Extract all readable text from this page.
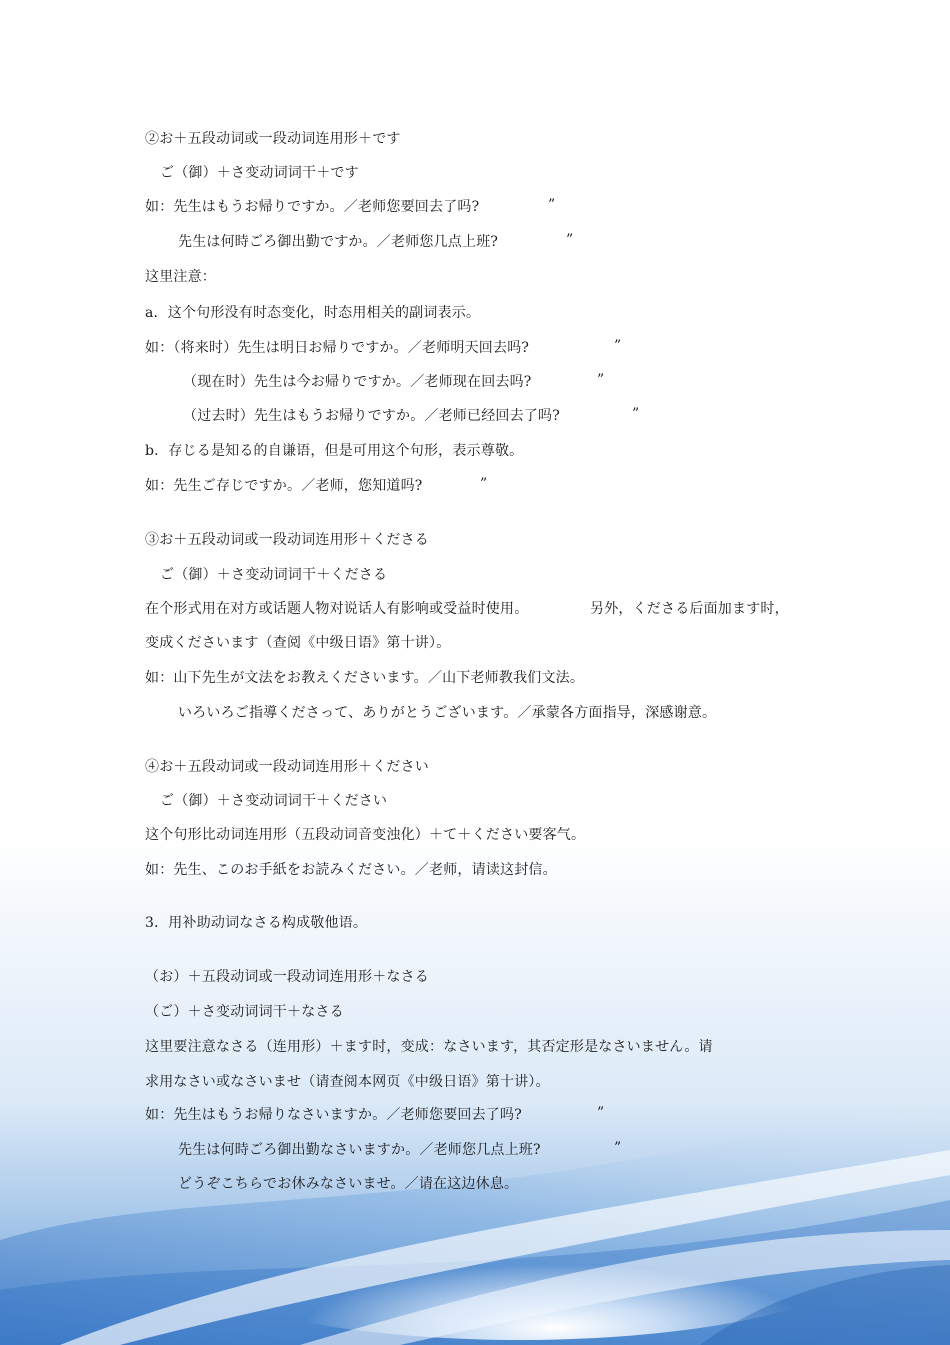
②お＋五段动词或一段动词连用形＋です
ご（御）＋さ变动词词干＋です
如：先生はもうお帰りですか。／老师您要回去了吗?	”
先生は何時ごろ御出勤ですか。／老师您几点上班?	”
这里注意：
a．这个句形没有时态变化，时态用相关的副词表示。
如：（将来时）先生は明日お帰りですか。／老师明天回去吗?	”
（现在时）先生は今お帰りですか。／老师现在回去吗?	”
（过去时）先生はもうお帰りですか。／老师已经回去了吗?	”
b．存じる是知る的自谦语，但是可用这个句形，表示尊敬。
如：先生ご存じですか。／老师，您知道吗?	”
③お＋五段动词或一段动词连用形＋くださる
ご（御）＋さ变动词词干＋くださる
在个形式用在对方或话题人物对说话人有影响或受益时使用。	另外，くださる后面加ます时，
变成くださいます（查阅《中级日语》第十讲）。
如：山下先生が文法をお教えくださいます。／山下老师教我们文法。
いろいろご指導くださって、ありがとうございます。／承蒙各方面指导，深感谢意。
④お＋五段动词或一段动词连用形＋ください
ご（御）＋さ变动词词干＋ください
这个句形比动词连用形（五段动词音变浊化）＋て＋ください要客气。
如：先生、このお手紙をお読みください。／老师，请读这封信。
3．用补助动词なさる构成敬他语。
（お）＋五段动词或一段动词连用形＋なさる
（ご）＋さ变动词词干＋なさる
这里要注意なさる（连用形）＋ます时，变成：なさいます，其否定形是なさいません。请
求用なさい或なさいませ（请查阅本网页《中级日语》第十讲）。
如：先生はもうお帰りなさいますか。／老师您要回去了吗?	”
先生は何時ごろ御出勤なさいますか。／老师您几点上班?	”
どうぞこちらでお休みなさいませ。／请在这边休息。
